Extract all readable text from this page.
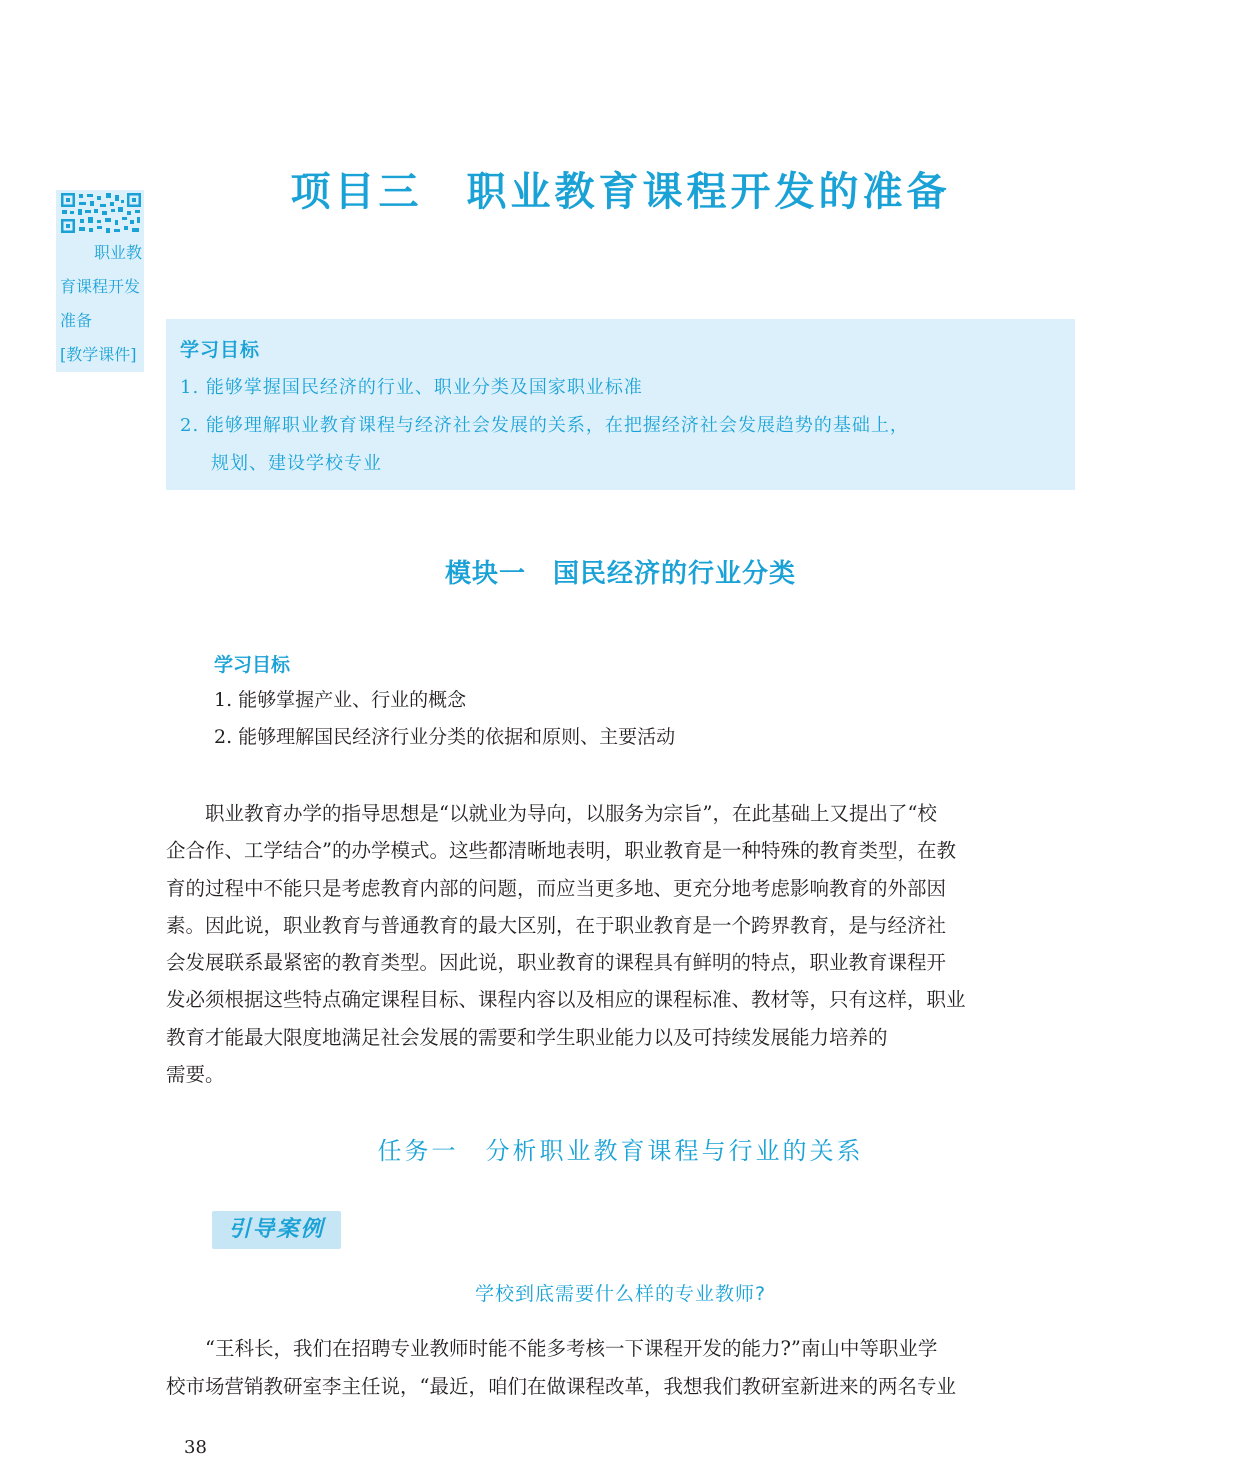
项目三　职业教育课程开发的准备
职业教
育课程开发
准备
[教学课件] 学习目标
1. 能够掌握国民经济的行业、职业分类及国家职业标准
2. 能够理解职业教育课程与经济社会发展的关系，在把握经济社会发展趋势的基础上，
规划、建设学校专业
模块一　国民经济的行业分类
学习目标
1. 能够掌握产业、行业的概念
2. 能够理解国民经济行业分类的依据和原则、主要活动
　　职业教育办学的指导思想是“以就业为导向，以服务为宗旨”，在此基础上又提出了“校
企合作、工学结合”的办学模式。这些都清晰地表明，职业教育是一种特殊的教育类型，在教
育的过程中不能只是考虑教育内部的问题，而应当更多地、更充分地考虑影响教育的外部因
素。因此说，职业教育与普通教育的最大区别，在于职业教育是一个跨界教育，是与经济社
会发展联系最紧密的教育类型。因此说，职业教育的课程具有鲜明的特点，职业教育课程开
发必须根据这些特点确定课程目标、课程内容以及相应的课程标准、教材等，只有这样，职业
教育才能最大限度地满足社会发展的需要和学生职业能力以及可持续发展能力培养的
需要。
任务一　分析职业教育课程与行业的关系
引导案例
学校到底需要什么样的专业教师?
　　“王科长，我们在招聘专业教师时能不能多考核一下课程开发的能力?”南山中等职业学
校市场营销教研室李主任说，“最近，咱们在做课程改革，我想我们教研室新进来的两名专业
38
